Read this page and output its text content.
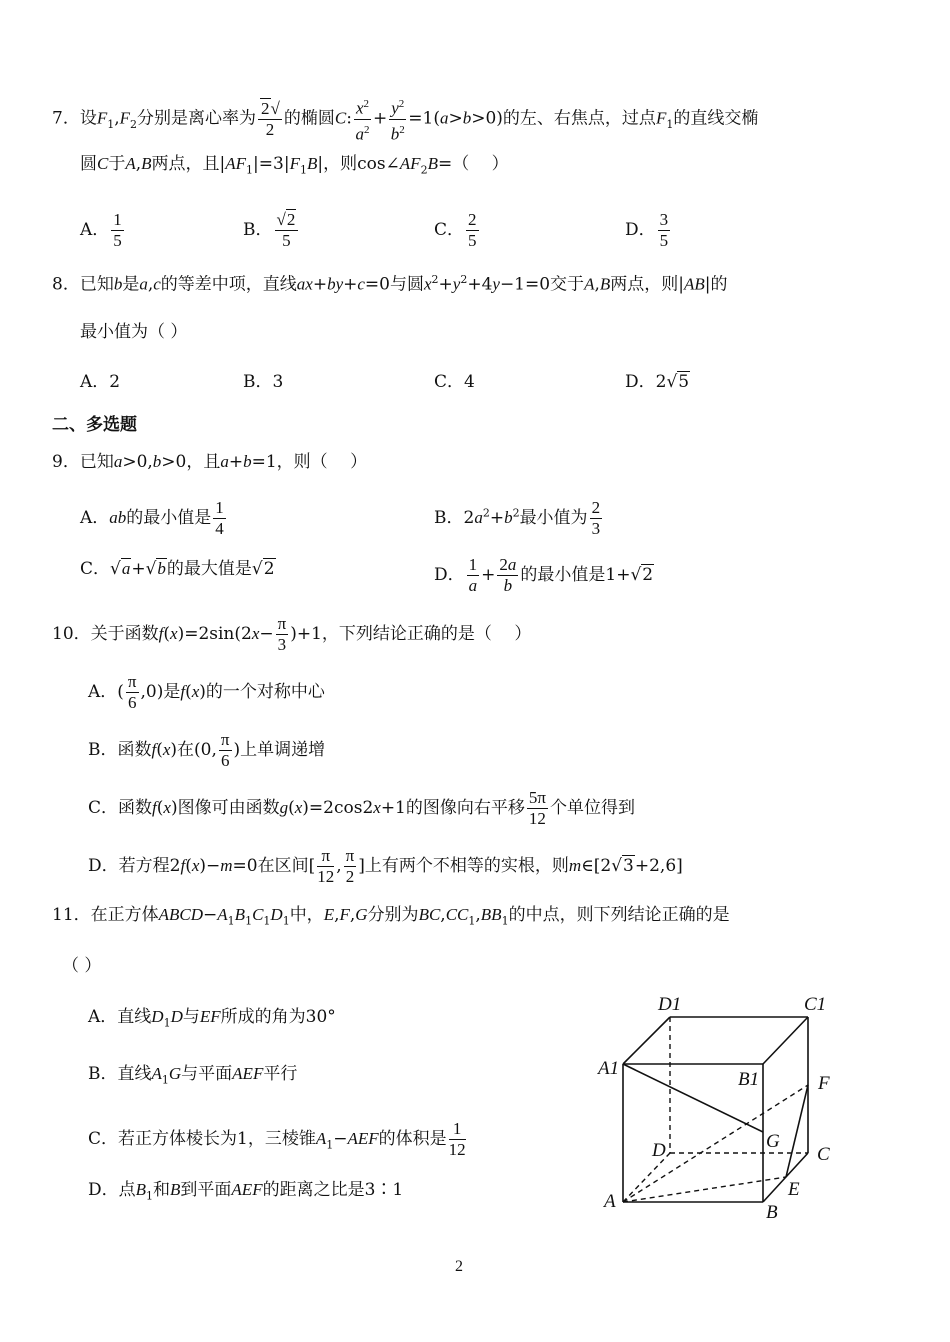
7．设$F_1,F_2$分别是离心率为 $\frac{2√}{2}$ 的椭圆C: $\frac{x^2}{a^2} + \frac{y^2}{b^2} =1(a>b>0)$的左、右焦点，过点$F_1$的直线交椭
圆C于A,B两点，且$|AF_1|=3|F_1B|$，则$\cos\angle AF_2B=$（　 ）
A． $\frac{1}{5}$	B． $\frac{√2}{5}$	C． $\frac{2}{5}$	D． $\frac{3}{5}$
8．已知b是a,c的等差中项，直线ax+by+c=0与圆$x^2+y^2+4y-1=0$交于A,B两点，则|AB|的
最小值为（ ）
A．2	B．3	C．4	D．2√5
二、多选题
9．已知a>0,b>0，且a+b=1，则（　 ）
A．ab的最小值是 $\frac{1}{4}$	B．$2a^2+b^2$最小值为 $\frac{2}{3}$
C．√a+√b的最大值是√2	D． $\frac{1}{a} + \frac{2a}{b}$ 的最小值是1+√2
10．关于函数$f(x)=2\sin(2x- \frac{\pi}{3} )+1$，下列结论正确的是（　 ）
A．( $\frac{\pi}{6} ,0$)是f(x)的一个对称中心
B．函数f(x)在(0, $\frac{\pi}{6}$ )上单调递增
C．函数f(x)图像可由函数g(x)=2cos2x+1的图像向右平移 $\frac{5\pi}{12}$ 个单位得到
D．若方程2f(x)−m=0在区间[ $\frac{\pi}{12}$ , $\frac{\pi}{2}$ ]上有两个不相等的实根，则m∈[2√3+2,6]
11．在正方体$ABCD-A_1B_1C_1D_1$中，E,F,G分别为$BC,CC_1,BB_1$的中点，则下列结论正确的是
（ ）
A．直线$D_1D$与EF所成的角为30°
B．直线$A_1G$与平面AEF平行
C．若正方体棱长为1，三棱锥$A_1-AEF$的体积是 $\frac{1}{12}$
D．点$B_1$和B到平面AEF的距离之比是3∶1
D1	C1
A1
B1	F
G
D	C
A
E
B
2
